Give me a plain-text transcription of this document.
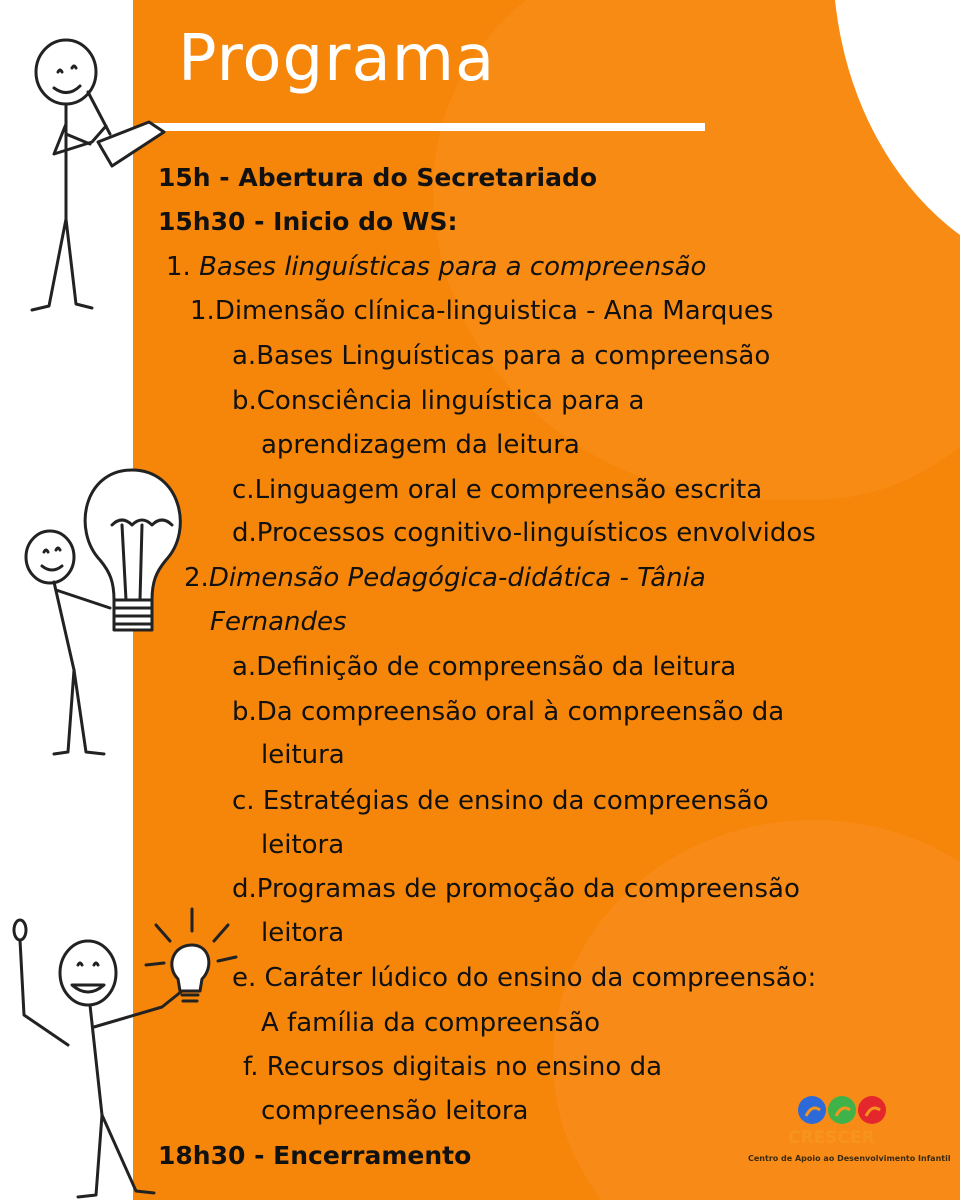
Programa
15h - Abertura do Secretariado
15h30 - Inicio do WS:
1. Bases linguísticas para a compreensão
1.Dimensão clínica-linguistica - Ana Marques
a.Bases Linguísticas para a compreensão
b.Consciência linguística para a
aprendizagem da leitura
c.Linguagem oral e compreensão escrita
d.Processos cognitivo-linguísticos envolvidos
2.Dimensão Pedagógica-didática - Tânia
Fernandes
a.Definição de compreensão da leitura
b.Da compreensão oral à compreensão da
leitura
c. Estratégias de ensino da compreensão
leitora
d.Programas de promoção da compreensão
leitora
e. Caráter lúdico do ensino da compreensão:
A família da compreensão
f. Recursos digitais no ensino da
compreensão leitora
18h30 - Encerramento
CRESCER
Centro de Apoio ao Desenvolvimento Infantil
